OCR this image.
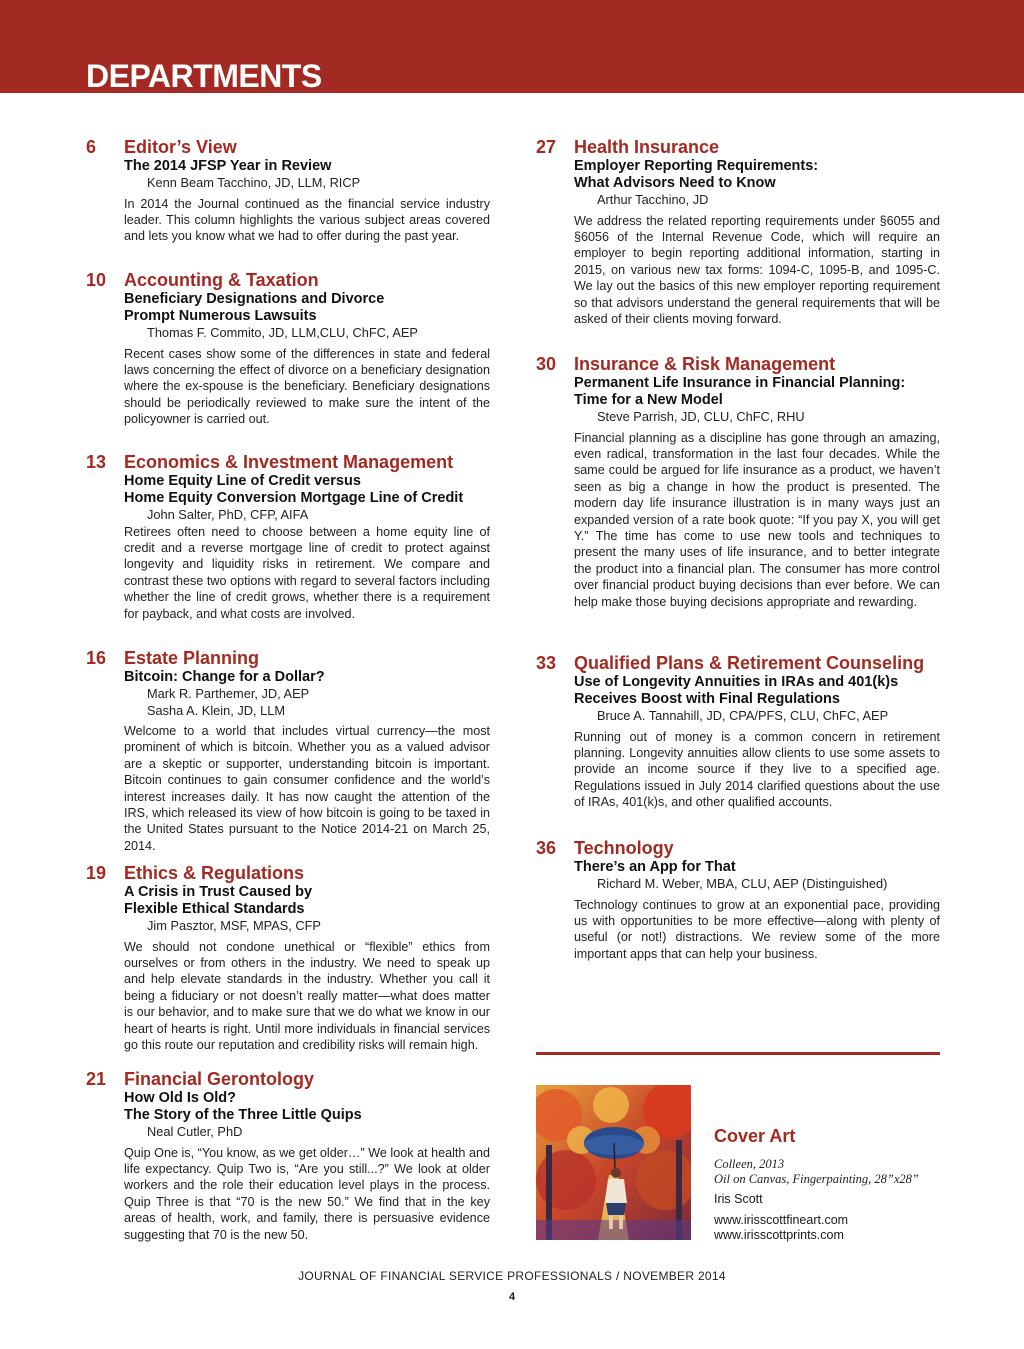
DEPARTMENTS
6 Editor’s View
The 2014 JFSP Year in Review
Kenn Beam Tacchino, JD, LLM, RICP
In 2014 the Journal continued as the financial service industry leader. This column highlights the various subject areas covered and lets you know what we had to offer during the past year.
10 Accounting & Taxation
Beneficiary Designations and Divorce
Prompt Numerous Lawsuits
Thomas F. Commito, JD, LLM,CLU, ChFC, AEP
Recent cases show some of the differences in state and federal laws concerning the effect of divorce on a beneficiary designation where the ex-spouse is the beneficiary. Beneficiary designations should be periodically reviewed to make sure the intent of the policyowner is carried out.
13 Economics & Investment Management
Home Equity Line of Credit versus
Home Equity Conversion Mortgage Line of Credit
John Salter, PhD, CFP, AIFA
Retirees often need to choose between a home equity line of credit and a reverse mortgage line of credit to protect against longevity and liquidity risks in retirement. We compare and contrast these two options with regard to several factors including whether the line of credit grows, whether there is a requirement for payback, and what costs are involved.
16 Estate Planning
Bitcoin: Change for a Dollar?
Mark R. Parthemer, JD, AEP
Sasha A. Klein, JD, LLM
Welcome to a world that includes virtual currency—the most prominent of which is bitcoin. Whether you as a valued advisor are a skeptic or supporter, understanding bitcoin is important. Bitcoin continues to gain consumer confidence and the world’s interest increases daily. It has now caught the attention of the IRS, which released its view of how bitcoin is going to be taxed in the United States pursuant to the Notice 2014-21 on March 25, 2014.
19 Ethics & Regulations
A Crisis in Trust Caused by
Flexible Ethical Standards
Jim Pasztor, MSF, MPAS, CFP
We should not condone unethical or “flexible” ethics from ourselves or from others in the industry. We need to speak up and help elevate standards in the industry. Whether you call it being a fiduciary or not doesn’t really matter—what does matter is our behavior, and to make sure that we do what we know in our heart of hearts is right. Until more individuals in financial services go this route our reputation and credibility risks will remain high.
21 Financial Gerontology
How Old Is Old?
The Story of the Three Little Quips
Neal Cutler, PhD
Quip One is, “You know, as we get older…” We look at health and life expectancy. Quip Two is, “Are you still...?” We look at older workers and the role their education level plays in the process. Quip Three is that “70 is the new 50.” We find that in the key areas of health, work, and family, there is persuasive evidence suggesting that 70 is the new 50.
27 Health Insurance
Employer Reporting Requirements:
What Advisors Need to Know
Arthur Tacchino, JD
We address the related reporting requirements under §6055 and §6056 of the Internal Revenue Code, which will require an employer to begin reporting additional information, starting in 2015, on various new tax forms: 1094-C, 1095-B, and 1095-C. We lay out the basics of this new employer reporting requirement so that advisors understand the general requirements that will be asked of their clients moving forward.
30 Insurance & Risk Management
Permanent Life Insurance in Financial Planning:
Time for a New Model
Steve Parrish, JD, CLU, ChFC, RHU
Financial planning as a discipline has gone through an amazing, even radical, transformation in the last four decades. While the same could be argued for life insurance as a product, we haven’t seen as big a change in how the product is presented. The modern day life insurance illustration is in many ways just an expanded version of a rate book quote: “If you pay X, you will get Y.” The time has come to use new tools and techniques to present the many uses of life insurance, and to better integrate the product into a financial plan. The consumer has more control over financial product buying decisions than ever before. We can help make those buying decisions appropriate and rewarding.
33 Qualified Plans & Retirement Counseling
Use of Longevity Annuities in IRAs and 401(k)s
Receives Boost with Final Regulations
Bruce A. Tannahill, JD, CPA/PFS, CLU, ChFC, AEP
Running out of money is a common concern in retirement planning. Longevity annuities allow clients to use some assets to provide an income source if they live to a specified age. Regulations issued in July 2014 clarified questions about the use of IRAs, 401(k)s, and other qualified accounts.
36 Technology
There’s an App for That
Richard M. Weber, MBA, CLU, AEP (Distinguished)
Technology continues to grow at an exponential pace, providing us with opportunities to be more effective—along with plenty of useful (or not!) distractions. We review some of the more important apps that can help your business.
Cover Art
Colleen, 2013
Oil on Canvas, Fingerpainting, 28”x28”
Iris Scott
www.irisscottfineart.com
www.irisscottprints.com
JOURNAL OF FINANCIAL SERVICE PROFESSIONALS / NOVEMBER 2014
4
